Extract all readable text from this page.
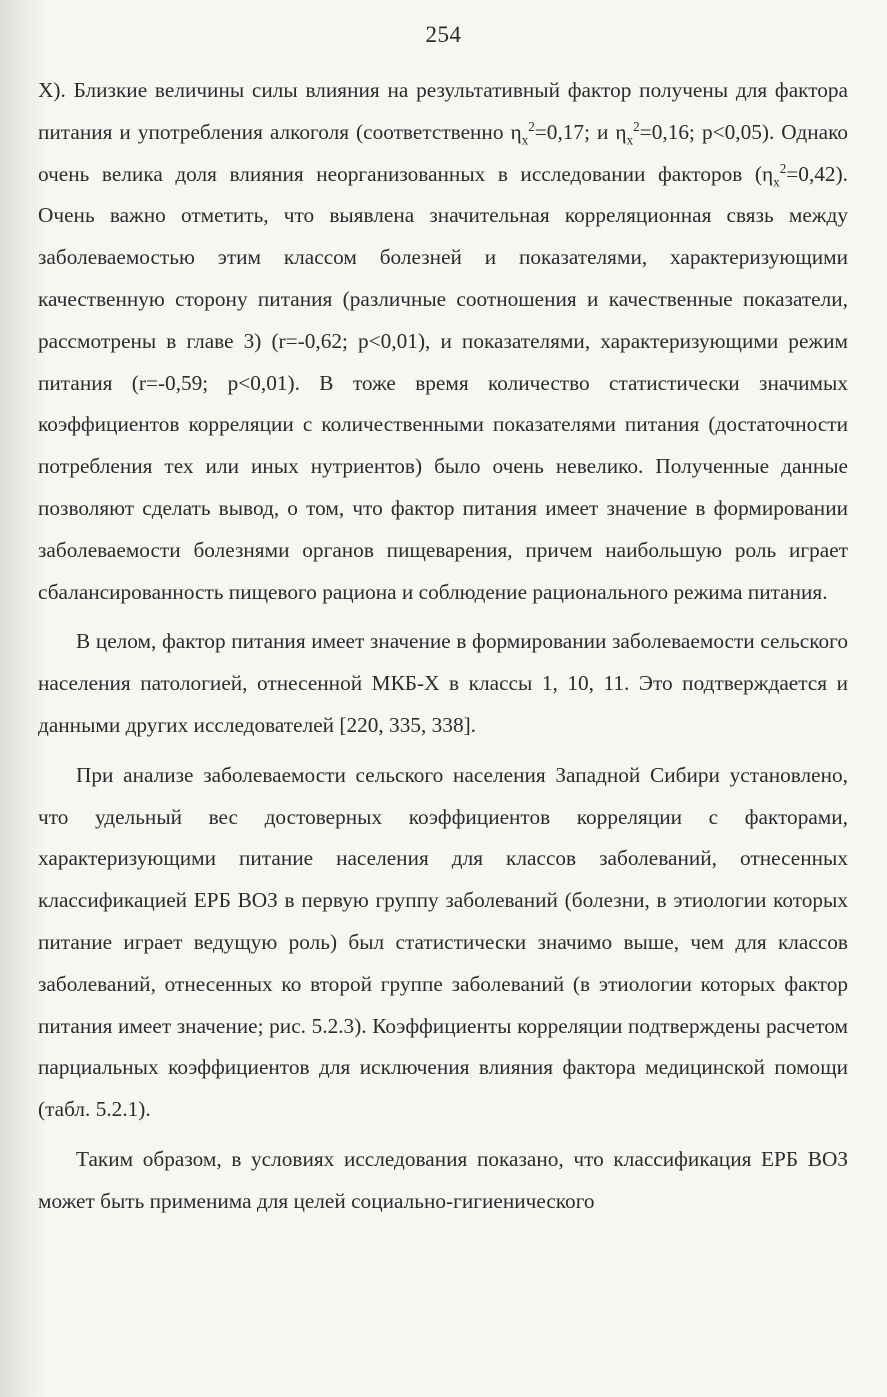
254

X). Близкие величины силы влияния на результативный фактор получены для фактора питания и употребления алкоголя (соответственно $\eta_x^2=0,17$; и $\eta_x^2=0,16$; p<0,05). Однако очень велика доля влияния неорганизованных в исследовании факторов $(\eta_x^2=0,42)$. Очень важно отметить, что выявлена значительная корреляционная связь между заболеваемостью этим классом болезней и показателями, характеризующими качественную сторону питания (различные соотношения и качественные показатели, рассмотрены в главе 3) (r=-0,62; p<0,01), и показателями, характеризующими режим питания (r=-0,59; p<0,01). В тоже время количество статистически значимых коэффициентов корреляции с количественными показателями питания (достаточности потребления тех или иных нутриентов) было очень невелико. Полученные данные позволяют сделать вывод, о том, что фактор питания имеет значение в формировании заболеваемости болезнями органов пищеварения, причем наибольшую роль играет сбалансированность пищевого рациона и соблюдение рационального режима питания.

В целом, фактор питания имеет значение в формировании заболеваемости сельского населения патологией, отнесенной МКБ-X в классы 1, 10, 11. Это подтверждается и данными других исследователей [220, 335, 338].

При анализе заболеваемости сельского населения Западной Сибири установлено, что удельный вес достоверных коэффициентов корреляции с факторами, характеризующими питание населения для классов заболеваний, отнесенных классификацией ЕРБ ВОЗ в первую группу заболеваний (болезни, в этиологии которых питание играет ведущую роль) был статистически значимо выше, чем для классов заболеваний, отнесенных ко второй группе заболеваний (в этиологии которых фактор питания имеет значение; рис. 5.2.3). Коэффициенты корреляции подтверждены расчетом парциальных коэффициентов для исключения влияния фактора медицинской помощи (табл. 5.2.1).

Таким образом, в условиях исследования показано, что классификация ЕРБ ВОЗ может быть применима для целей социально-гигиенического
